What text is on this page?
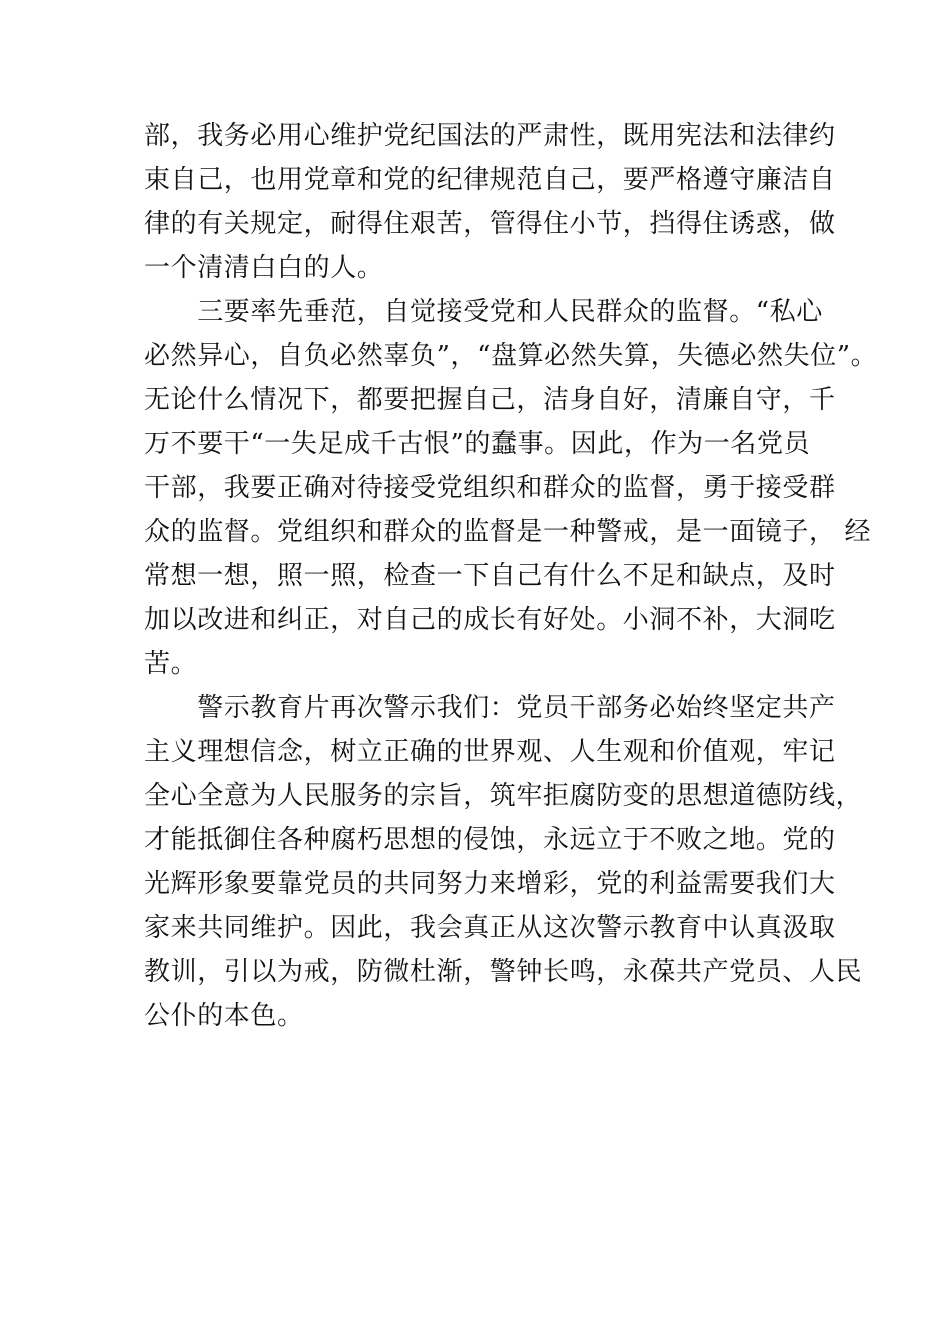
部，我务必用心维护党纪国法的严肃性，既用宪法和法律约
束自己，也用党章和党的纪律规范自己，要严格遵守廉洁自
律的有关规定，耐得住艰苦，管得住小节，挡得住诱惑，做
一个清清白白的人。
　　三要率先垂范，自觉接受党和人民群众的监督。“私心
必然异心，自负必然辜负”，“盘算必然失算，失德必然失位”。
无论什么情况下，都要把握自己，洁身自好，清廉自守，千
万不要干“一失足成千古恨”的蠢事。因此，作为一名党员
干部，我要正确对待接受党组织和群众的监督，勇于接受群
众的监督。党组织和群众的监督是一种警戒，是一面镜子， 经
常想一想，照一照，检查一下自己有什么不足和缺点，及时
加以改进和纠正，对自己的成长有好处。小洞不补，大洞吃
苦。
　　警示教育片再次警示我们：党员干部务必始终坚定共产
主义理想信念，树立正确的世界观、人生观和价值观，牢记
全心全意为人民服务的宗旨，筑牢拒腐防变的思想道德防线，
才能抵御住各种腐朽思想的侵蚀，永远立于不败之地。党的
光辉形象要靠党员的共同努力来增彩，党的利益需要我们大
家来共同维护。因此，我会真正从这次警示教育中认真汲取
教训，引以为戒，防微杜渐，警钟长鸣，永葆共产党员、人民
公仆的本色。
